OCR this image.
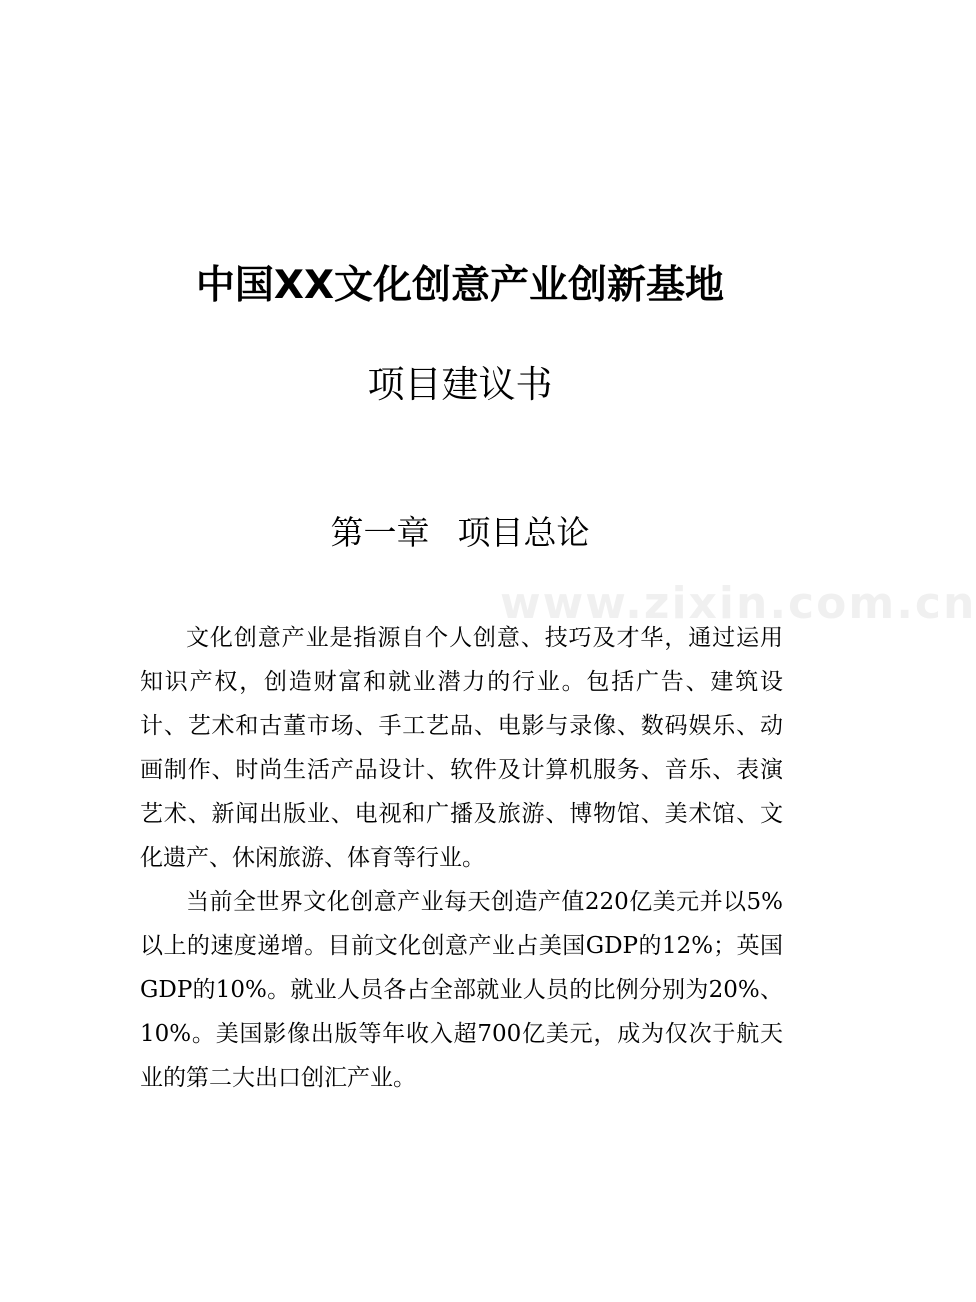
www.zixin.com.cn
中国XX文化创意产业创新基地
项目建议书
第一章 项目总论

文化创意产业是指源自个人创意、技巧及才华，通过运用知识产权，创造财富和就业潜力的行业。包括广告、建筑设计、艺术和古董市场、手工艺品、电影与录像、数码娱乐、动画制作、时尚生活产品设计、软件及计算机服务、音乐、表演艺术、新闻出版业、电视和广播及旅游、博物馆、美术馆、文化遗产、休闲旅游、体育等行业。

当前全世界文化创意产业每天创造产值220亿美元并以5%以上的速度递增。目前文化创意产业占美国GDP的12%；英国GDP的10%。就业人员各占全部就业人员的比例分别为20%、10%。美国影像出版等年收入超700亿美元，成为仅次于航天业的第二大出口创汇产业。
